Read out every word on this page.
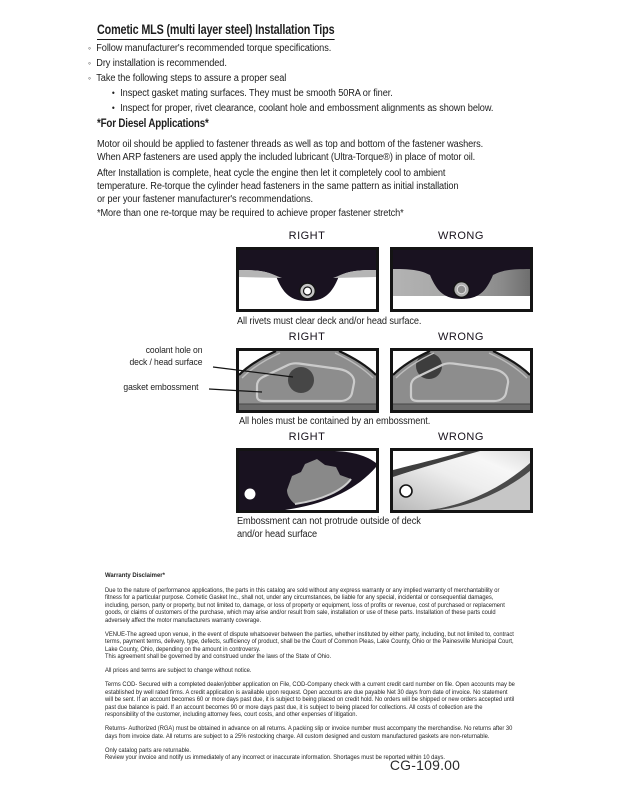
Cometic MLS (multi layer steel) Installation Tips
◦ Follow manufacturer's recommended torque specifications.
◦ Dry installation is recommended.
◦ Take the following steps to assure a proper seal
• Inspect gasket mating surfaces. They must be smooth 50RA or finer.
• Inspect for proper, rivet clearance, coolant hole and embossment alignments as shown below.
*For Diesel Applications*
Motor oil should be applied to fastener threads as well as top and bottom of the fastener washers.
When ARP fasteners are used apply the included lubricant (Ultra-Torque®) in place of motor oil.
After Installation is complete, heat cycle the engine then let it completely cool to ambient
temperature. Re-torque the cylinder head fasteners in the same pattern as initial installation
or per your fastener manufacturer's recommendations.
*More than one re-torque may be required to achieve proper fastener stretch*
RIGHT	WRONG
All rivets must clear deck and/or head surface.
RIGHT	WRONG
coolant hole on
deck / head surface
gasket embossment
All holes must be contained by an embossment.
RIGHT	WRONG
Embossment can not protrude outside of deck
and/or head surface
Warranty Disclaimer*

Due to the nature of performance applications, the parts in this catalog are sold without any express warranty or any implied warranty of merchantability or fitness for a particular purpose. Cometic Gasket Inc., shall not, under any circumstances, be liable for any special, incidental or consequential damages, including, person, party or property, but not limited to, damage, or loss of property or equipment, loss of profits or revenue, cost of purchased or replacement goods, or claims of customers of the purchase, which may arise and/or result from sale, installation or use of these parts. Installation of these parts could adversely affect the motor manufacturers warranty coverage.

VENUE-The agreed upon venue, in the event of dispute whatsoever between the parties, whether instituted by either party, including, but not limited to, contract terms, payment terms, delivery, type, defects, sufficiency of product, shall be the Court of Common Pleas, Lake County, Ohio or the Painesville Municipal Court, Lake County, Ohio, depending on the amount in controversy.

This agreement shall be governed by and construed under the laws of the State of Ohio.

All prices and terms are subject to change without notice.

Terms COD- Secured with a completed dealer/jobber application on File, COD-Company check with a current credit card number on file. Open accounts may be established by well rated firms. A credit application is available upon request. Open accounts are due payable Net 30 days from date of invoice. No statement will be sent. If an account becomes 60 or more days past due, it is subject to being placed on credit hold. No orders will be shipped or new orders accepted until past due balance is paid. If an account becomes 90 or more days past due, it is subject to being placed for collections. All costs of collection are the responsibility of the customer, including attorney fees, court costs, and other expenses of litigation.

Returns- Authorized (RGA) must be obtained in advance on all returns. A packing slip or invoice number must accompany the merchandise. No returns after 30 days from invoice date. All returns are subject to a 25% restocking charge. All custom designed and custom manufactured gaskets are non-returnable.

Only catalog parts are returnable.

Review your invoice and notify us immediately of any incorrect or inaccurate information. Shortages must be reported within 10 days.

CG-109.00
